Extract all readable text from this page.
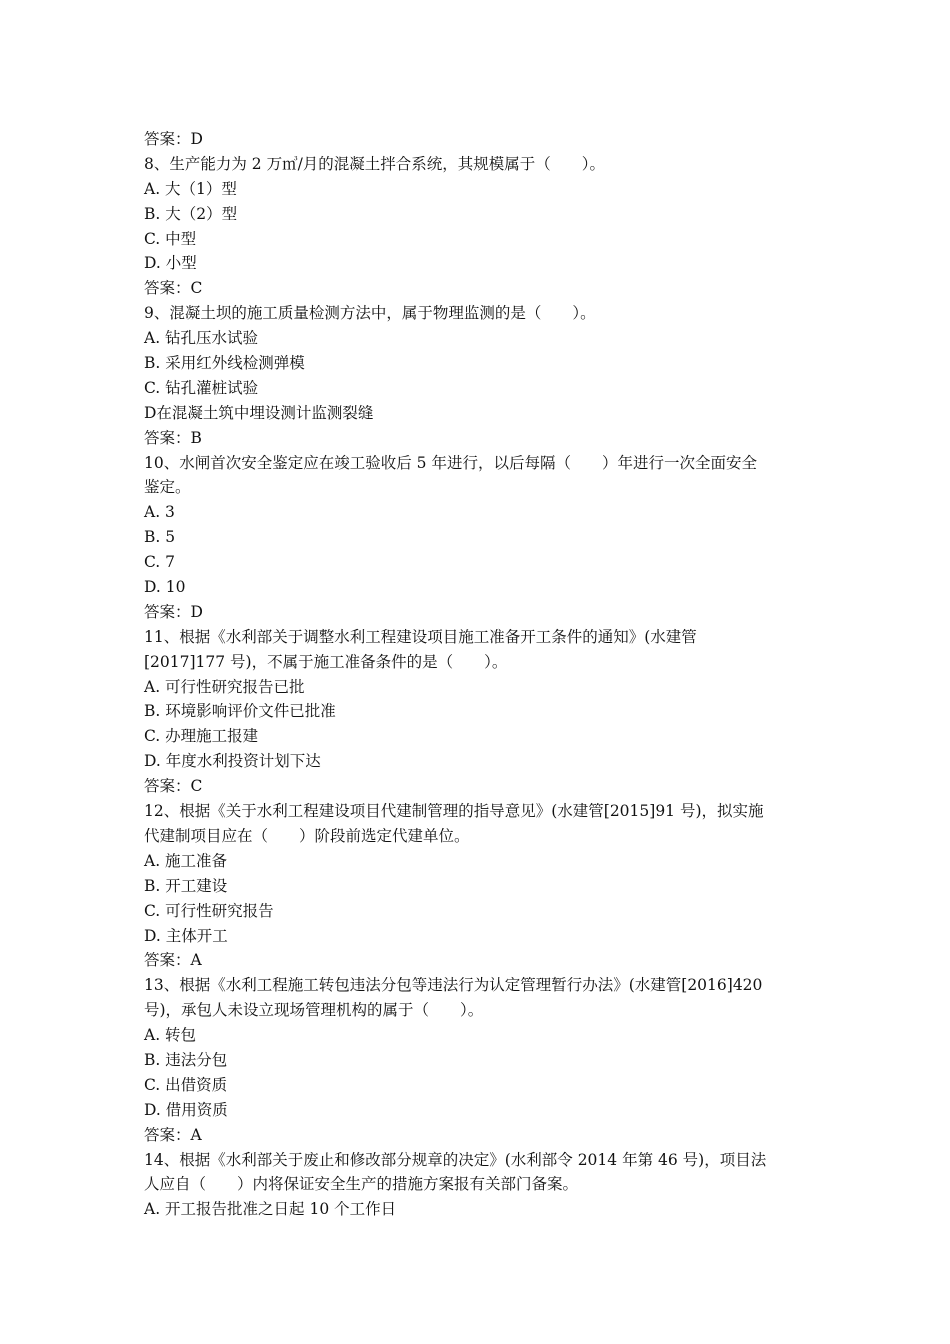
答案：D
8、生产能力为 2 万㎥/月的混凝土拌合系统，其规模属于（　　）。
A. 大（1）型
B. 大（2）型
C. 中型
D. 小型
答案：C
9、混凝土坝的施工质量检测方法中，属于物理监测的是（　　）。
A. 钻孔压水试验
B. 采用红外线检测弹模
C. 钻孔灌桩试验
D在混凝土筑中埋设测计监测裂缝
答案：B
10、水闸首次安全鉴定应在竣工验收后 5 年进行，以后每隔（　　）年进行一次全面安全
鉴定。
A. 3
B. 5
C. 7
D. 10
答案：D
11、根据《水利部关于调整水利工程建设项目施工准备开工条件的通知》(水建管
[2017]177 号)，不属于施工准备条件的是（　　）。
A. 可行性研究报告已批
B. 环境影响评价文件已批准
C. 办理施工报建
D. 年度水利投资计划下达
答案：C
12、根据《关于水利工程建设项目代建制管理的指导意见》(水建管[2015]91 号)，拟实施
代建制项目应在（　　）阶段前选定代建单位。
A. 施工准备
B. 开工建设
C. 可行性研究报告
D. 主体开工
答案：A
13、根据《水利工程施工转包违法分包等违法行为认定管理暂行办法》(水建管[2016]420
号)，承包人未设立现场管理机构的属于（　　）。
A. 转包
B. 违法分包
C. 出借资质
D. 借用资质
答案：A
14、根据《水利部关于废止和修改部分规章的决定》(水利部令 2014 年第 46 号)，项目法
人应自（　　）内将保证安全生产的措施方案报有关部门备案。
A. 开工报告批准之日起 10 个工作日
